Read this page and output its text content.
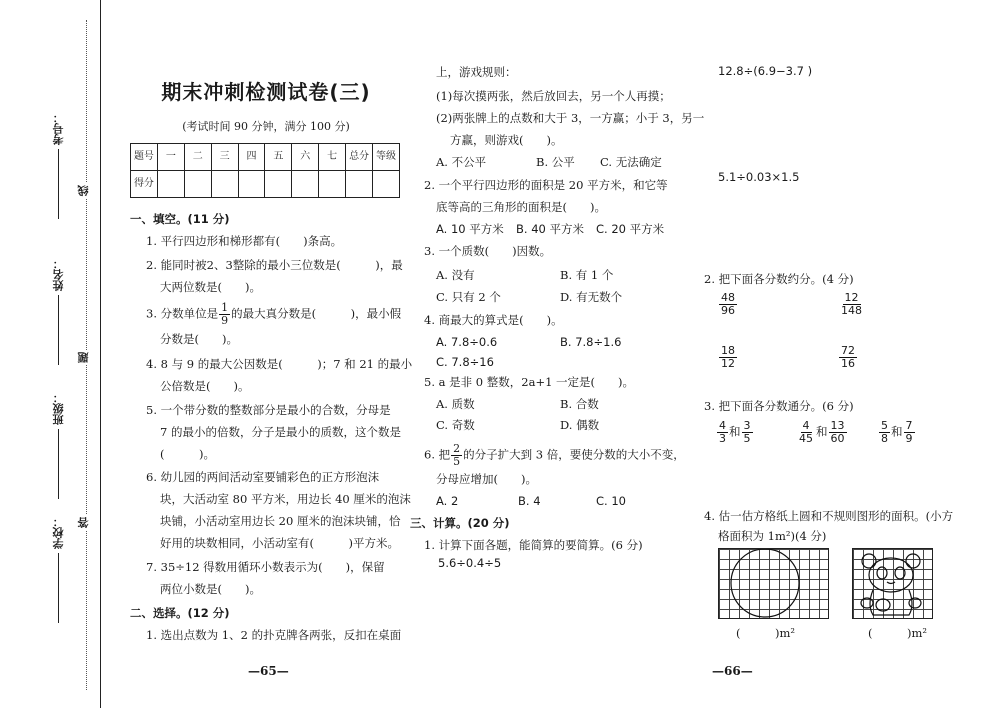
考号：
姓名：
班级：
学校：
线
题
答
期末冲刺检测试卷(三)
(考试时间 90 分钟，满分 100 分)
题号	一	二	三	四	五	六	七	总分	等级
得分									
一、填空。(11 分)
1. 平行四边形和梯形都有(　　)条高。
2. 能同时被2、3整除的最小三位数是(　　　)，最
大两位数是(　　)。
3. 分数单位是 $\frac{1}{9}$ 的最大真分数是(　　　)，最小假
分数是(　　)。
4. 8 与 9 的最大公因数是(　　　)；7 和 21 的最小
公倍数是(　　)。
5. 一个带分数的整数部分是最小的合数，分母是
7 的最小的倍数，分子是最小的质数，这个数是
(　　　)。
6. 幼儿园的两间活动室要铺彩色的正方形泡沫
块，大活动室 80 平方米，用边长 40 厘米的泡沫
块铺，小活动室用边长 20 厘米的泡沫块铺，恰
好用的块数相同，小活动室有(　　　)平方米。
7. 35÷12 得数用循环小数表示为(　　)，保留
两位小数是(　　)。
二、选择。(12 分)
1. 选出点数为 1、2 的扑克牌各两张，反扣在桌面
—65—
上，游戏规则：
(1)每次摸两张，然后放回去，另一个人再摸；
(2)两张牌上的点数和大于 3，一方赢；小于 3，另一
方赢，则游戏(　　)。
A. 不公平	B. 公平 C. 无法确定
2. 一个平行四边形的面积是 20 平方米，和它等
底等高的三角形的面积是(　　)。
A. 10 平方米 B. 40 平方米 C. 20 平方米
3. 一个质数(　　)因数。
A. 没有	B. 有 1 个
C. 只有 2 个	D. 有无数个
4. 商最大的算式是(　　)。
A. 7.8÷0.6	B. 7.8÷1.6
C. 7.8÷16
5. a 是非 0 整数，2a+1 一定是(　　)。
A. 质数	B. 合数
C. 奇数	D. 偶数
6. 把 $\frac{2}{5}$ 的分子扩大到 3 倍，要使分数的大小不变，
分母应增加(　　)。
A. 2	B. 4	C. 10
三、计算。(20 分)
1. 计算下面各题，能简算的要简算。(6 分)
5.6÷0.4÷5
12.8÷(6.9−3.7 )
5.1÷0.03×1.5
2. 把下面各分数约分。(4 分)
$\frac{48}{96}$	$\frac{12}{148}$
$\frac{18}{12}$	$\frac{72}{16}$
3. 把下面各分数通分。(6 分)
$\frac{4}{3}$ 和 $\frac{3}{5}$	$\frac{4}{45}$ 和 $\frac{13}{60}$	$\frac{5}{8}$ 和 $\frac{7}{9}$
4. 估一估方格纸上圆和不规则图形的面积。(小方
格面积为 1m²)(4 分)
(　　　)m²	(　　　)m²
—66—
